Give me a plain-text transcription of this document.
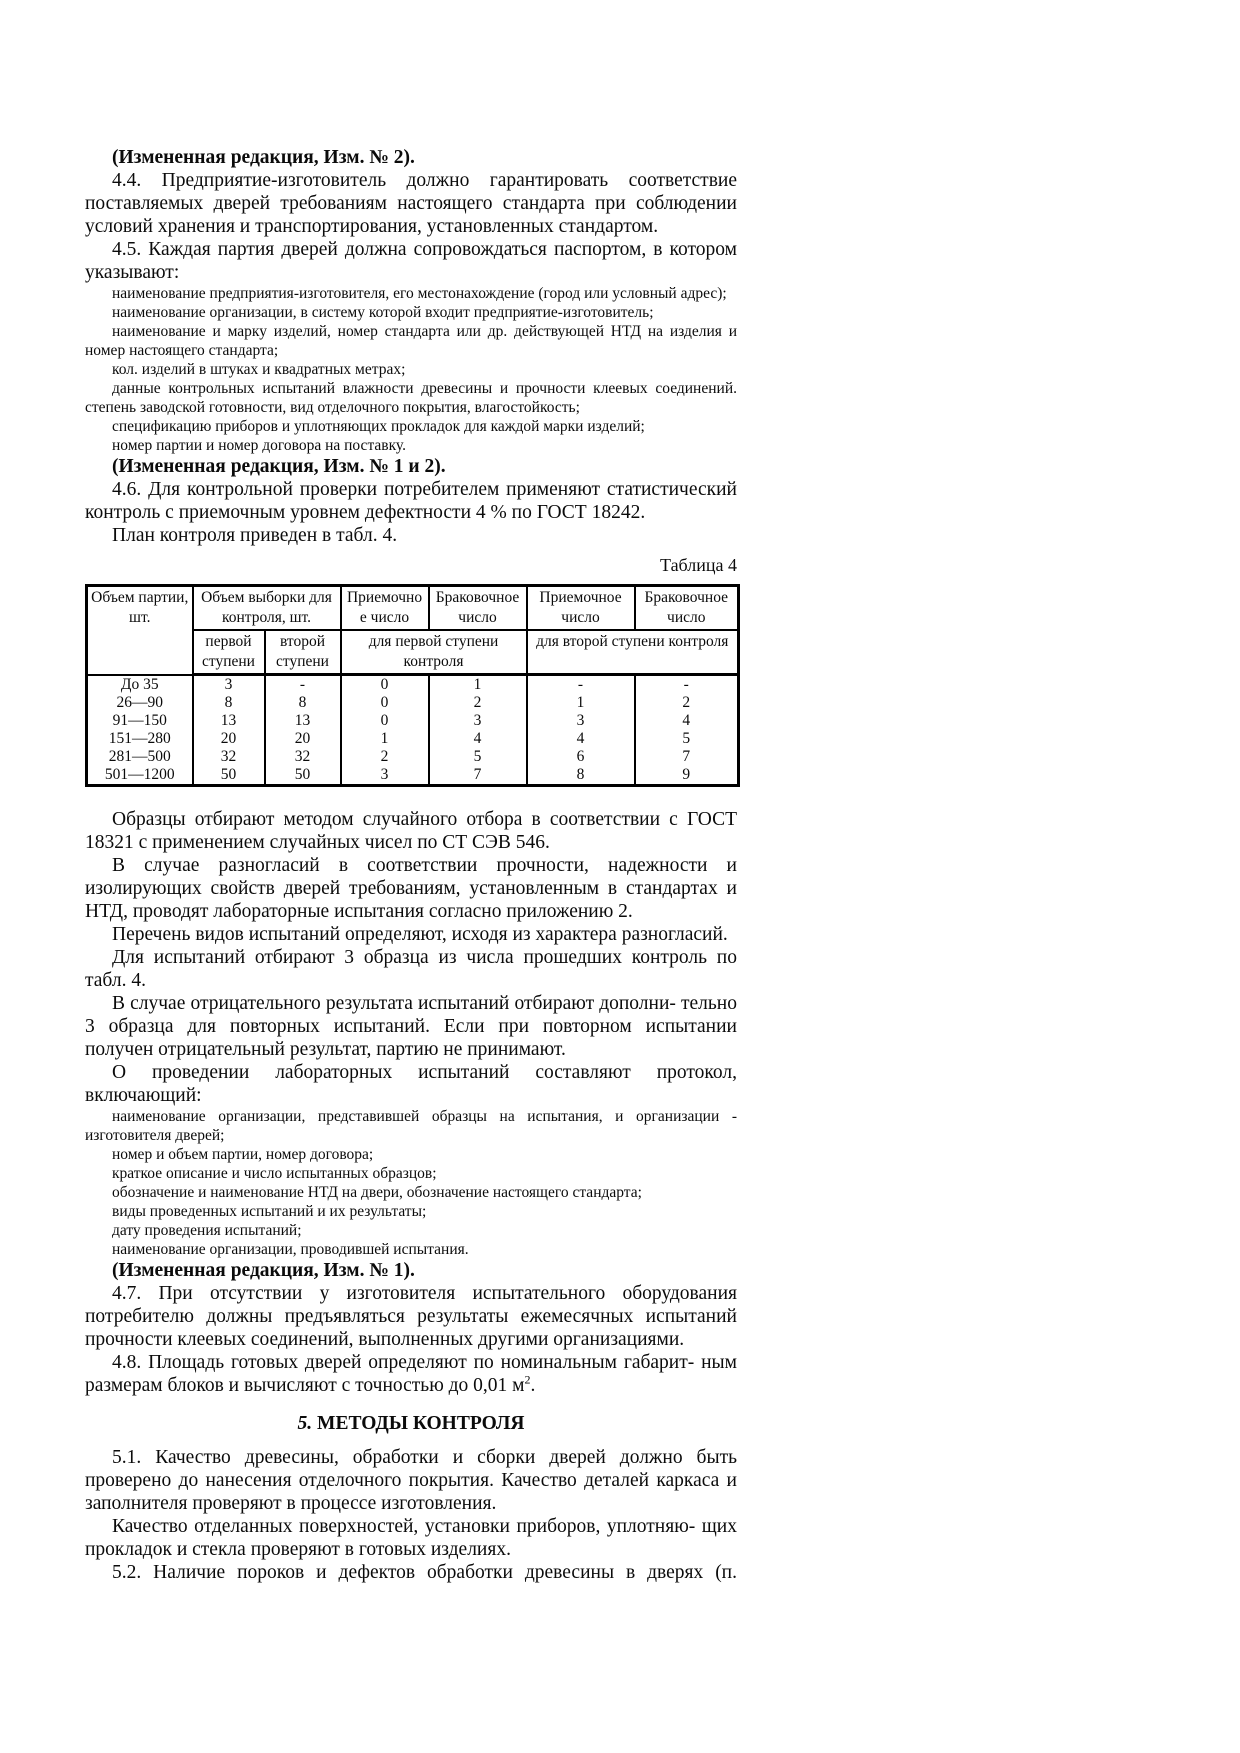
(Измененная редакция, Изм. № 2).

4.4. Предприятие-изготовитель должно гарантировать соответствие поставляемых дверей требованиям настоящего стандарта при соблюдении условий хранения и транспортирования, установленных стандартом.

4.5. Каждая партия дверей должна сопровождаться паспортом, в котором указывают:

наименование предприятия-изготовителя, его местонахождение (город или условный адрес);

наименование организации, в систему которой входит предприятие-изготовитель;

наименование и марку изделий, номер стандарта или др. действующей НТД на изделия и номер настоящего стандарта;

кол. изделий в штуках и квадратных метрах;

данные контрольных испытаний влажности древесины и прочности клеевых соединений. степень заводской готовности, вид отделочного покрытия, влагостойкость;

спецификацию приборов и уплотняющих прокладок для каждой марки изделий;

номер партии и номер договора на поставку.

(Измененная редакция, Изм. № 1 и 2).

4.6. Для контрольной проверки потребителем применяют статистический контроль с приемочным уровнем дефектности 4 % по ГОСТ 18242.

План контроля приведен в табл. 4.

Таблица 4
Объем партии, шт.	Объем выборки для контроля, шт.		Приемочно е число	Браковочное число	Приемочное число	Браковочное число
	первой ступени	второй ступени	для первой ступени контроля		для второй ступени контроля	
До 35	3	-	0	1	-	-
26—90	8	8	0	2	1	2
91—150	13	13	0	3	3	4
151—280	20	20	1	4	4	5
281—500	32	32	2	5	6	7
501—1200	50	50	3	7	8	9

Образцы отбирают методом случайного отбора в соответствии с ГОСТ 18321 с применением случайных чисел по СТ СЭВ 546.

В случае разногласий в соответствии прочности, надежности и изолирующих свойств дверей требованиям, установленным в стандартах и НТД, проводят лабораторные испытания согласно приложению 2.

Перечень видов испытаний определяют, исходя из характера разногласий.

Для испытаний отбирают 3 образца из числа прошедших контроль по табл. 4.

В случае отрицательного результата испытаний отбирают дополни- тельно 3 образца для повторных испытаний. Если при повторном испытании получен отрицательный результат, партию не принимают.

О проведении лабораторных испытаний составляют протокол, включающий:

наименование организации, представившей образцы на испытания, и организации - изготовителя дверей;

номер и объем партии, номер договора;

краткое описание и число испытанных образцов;

обозначение и наименование НТД на двери, обозначение настоящего стандарта;

виды проведенных испытаний и их результаты;

дату проведения испытаний;

наименование организации, проводившей испытания.

(Измененная редакция, Изм. № 1).

4.7. При отсутствии у изготовителя испытательного оборудования потребителю должны предъявляться результаты ежемесячных испытаний прочности клеевых соединений, выполненных другими организациями.

4.8. Площадь готовых дверей определяют по номинальным габарит- ным размерам блоков и вычисляют с точностью до 0,01 $м^2$.

5. МЕТОДЫ КОНТРОЛЯ

5.1. Качество древесины, обработки и сборки дверей должно быть проверено до нанесения отделочного покрытия. Качество деталей каркаса и заполнителя проверяют в процессе изготовления.

Качество отделанных поверхностей, установки приборов, уплотняю- щих прокладок и стекла проверяют в готовых изделиях.

5.2. Наличие пороков и дефектов обработки древесины в дверях (п.
